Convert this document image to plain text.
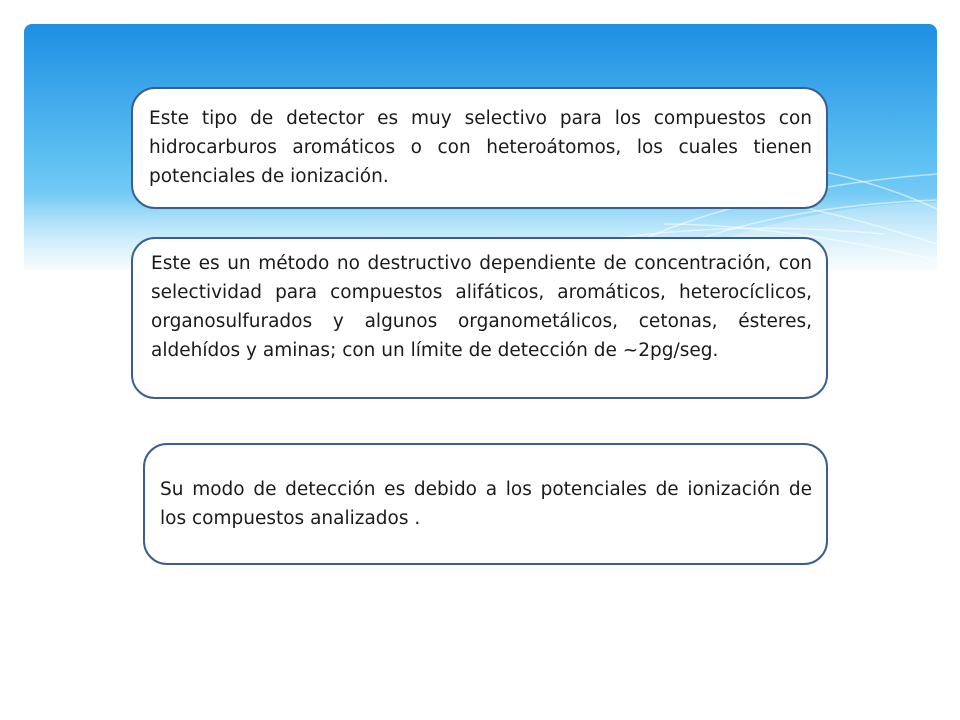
Este tipo de detector es muy selectivo para los compuestos con hidrocarburos aromáticos o con heteroátomos, los cuales tienen potenciales de ionización.
Este es un método no destructivo dependiente de concentración, con selectividad para compuestos alifáticos, aromáticos, heterocíclicos, organosulfurados y algunos organometálicos, cetonas, ésteres, aldehídos y aminas; con un límite de detección de ~2pg/seg.
Su modo de detección es debido a los potenciales de ionización de los compuestos analizados .
